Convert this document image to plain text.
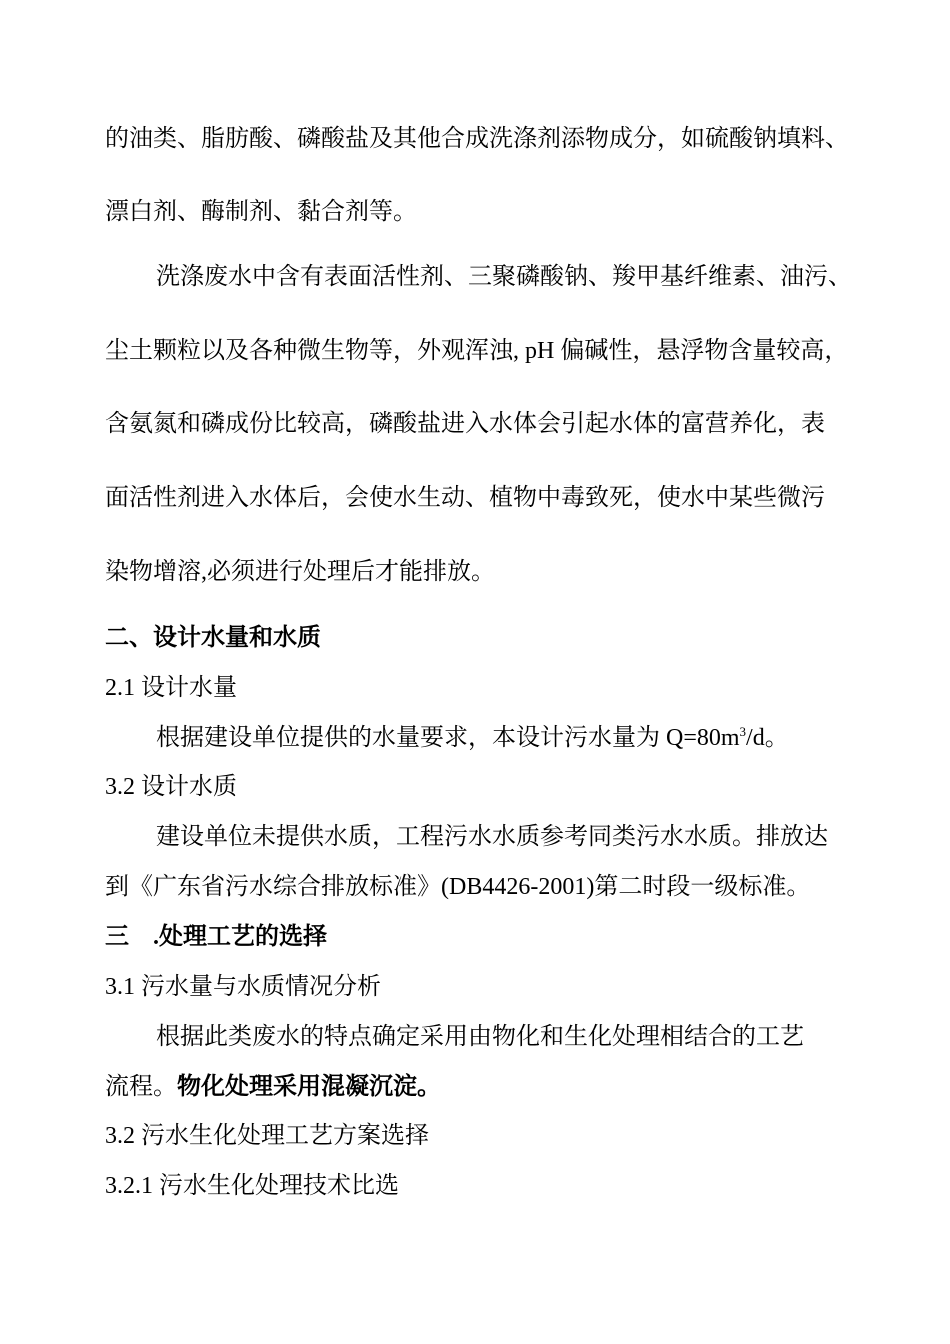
的油类、脂肪酸、磷酸盐及其他合成洗涤剂添物成分，如硫酸钠填料、
漂白剂、酶制剂、黏合剂等。
洗涤废水中含有表面活性剂、三聚磷酸钠、羧甲基纤维素、油污、
尘土颗粒以及各种微生物等，外观浑浊, pH 偏碱性，悬浮物含量较高，
含氨氮和磷成份比较高，磷酸盐进入水体会引起水体的富营养化，表
面活性剂进入水体后，会使水生动、植物中毒致死，使水中某些微污
染物增溶,必须进行处理后才能排放。
二、设计水量和水质
2.1 设计水量
根据建设单位提供的水量要求，本设计污水量为 $Q=80m^3/d$。
3.2 设计水质
建设单位未提供水质，工程污水水质参考同类污水水质。排放达
到《广东省污水综合排放标准》(DB4426-2001)第二时段一级标准。
三　.处理工艺的选择
3.1 污水量与水质情况分析
根据此类废水的特点确定采用由物化和生化处理相结合的工艺
流程。物化处理采用混凝沉淀。
3.2 污水生化处理工艺方案选择
3.2.1 污水生化处理技术比选
